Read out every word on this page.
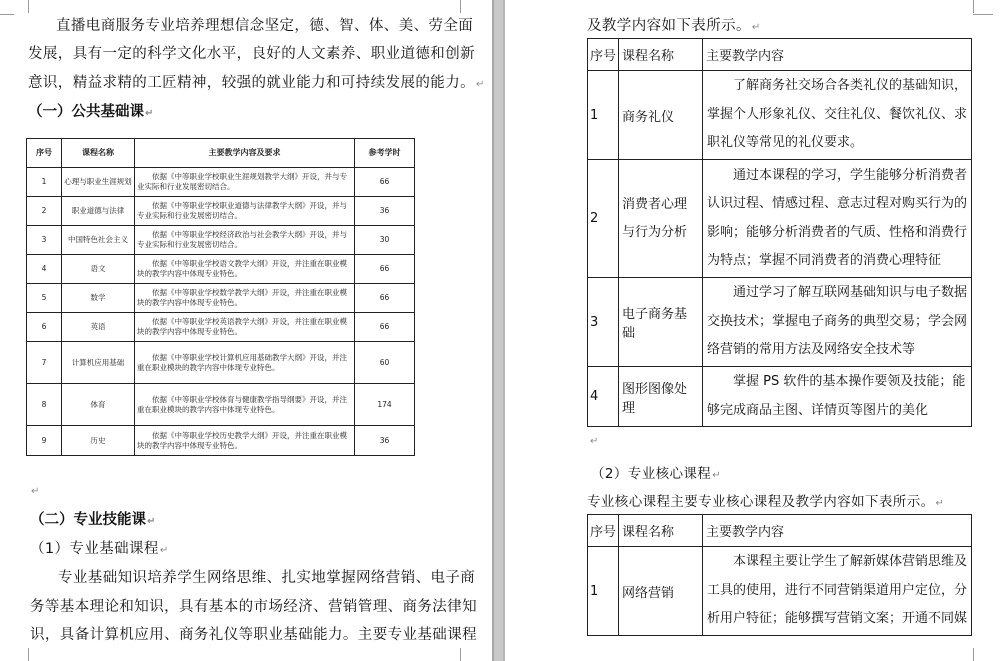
直播电商服务专业培养理想信念坚定，德、智、体、美、劳全面
发展，具有一定的科学文化水平，良好的人文素养、职业道德和创新
意识，精益求精的工匠精神，较强的就业能力和可持续发展的能力。↵
（一）公共基础课↵
序号	课程名称	主要教学内容及要求	参考学时
1	心理与职业生涯规划	依据《中等职业学校职业生涯规划教学大纲》开设，并与专业实际和行业发展密切结合。	66
2	职业道德与法律	依据《中等职业学校职业道德与法律教学大纲》开设，并与专业实际和行业发展密切结合。	36
3	中国特色社会主义	依据《中等职业学校经济政治与社会教学大纲》开设，并与专业实际和行业发展密切结合。	30
4	语文	依据《中等职业学校语文教学大纲》开设，并注重在职业模块的教学内容中体现专业特色。	66
5	数学	依据《中等职业学校数学教学大纲》开设，并注重在职业模块的教学内容中体现专业特色。	66
6	英语	依据《中等职业学校英语教学大纲》开设，并注重在职业模块的教学内容中体现专业特色。	66
7	计算机应用基础	依据《中等职业学校计算机应用基础教学大纲》开设，并注重在职业模块的教学内容中体现专业特色。	60
8	体育	依据《中等职业学校体育与健康教学指导纲要》开设，并注重在职业模块的教学内容中体现专业特色。	174
9	历史	依据《中等职业学校历史教学大纲》开设，并注重在职业模块的教学内容中体现专业特色。	36
↵
（二）专业技能课↵
（1）专业基础课程↵
专业基础知识培养学生网络思维、扎实地掌握网络营销、电子商
务等基本理论和知识，具有基本的市场经济、营销管理、商务法律知
识，具备计算机应用、商务礼仪等职业基础能力。主要专业基础课程
及教学内容如下表所示。↵
序号	课程名称	主要教学内容
1	商务礼仪	了解商务社交场合各类礼仪的基础知识，掌握个人形象礼仪、交往礼仪、餐饮礼仪、求职礼仪等常见的礼仪要求。
2	消费者心理与行为分析	通过本课程的学习，学生能够分析消费者认识过程、情感过程、意志过程对购买行为的影响；能够分析消费者的气质、性格和消费行为特点；掌握不同消费者的消费心理特征
3	电子商务基础	通过学习了解互联网基础知识与电子数据交换技术；掌握电子商务的典型交易；学会网络营销的常用方法及网络安全技术等
4	图形图像处理	掌握 PS 软件的基本操作要领及技能；能够完成商品主图、详情页等图片的美化
↵
（2）专业核心课程↵
专业核心课程主要专业核心课程及教学内容如下表所示。↵
序号	课程名称	主要教学内容
1	网络营销	本课程主要让学生了解新媒体营销思维及工具的使用，进行不同营销渠道用户定位，分析用户特征；能够撰写营销文案；开通不同媒
